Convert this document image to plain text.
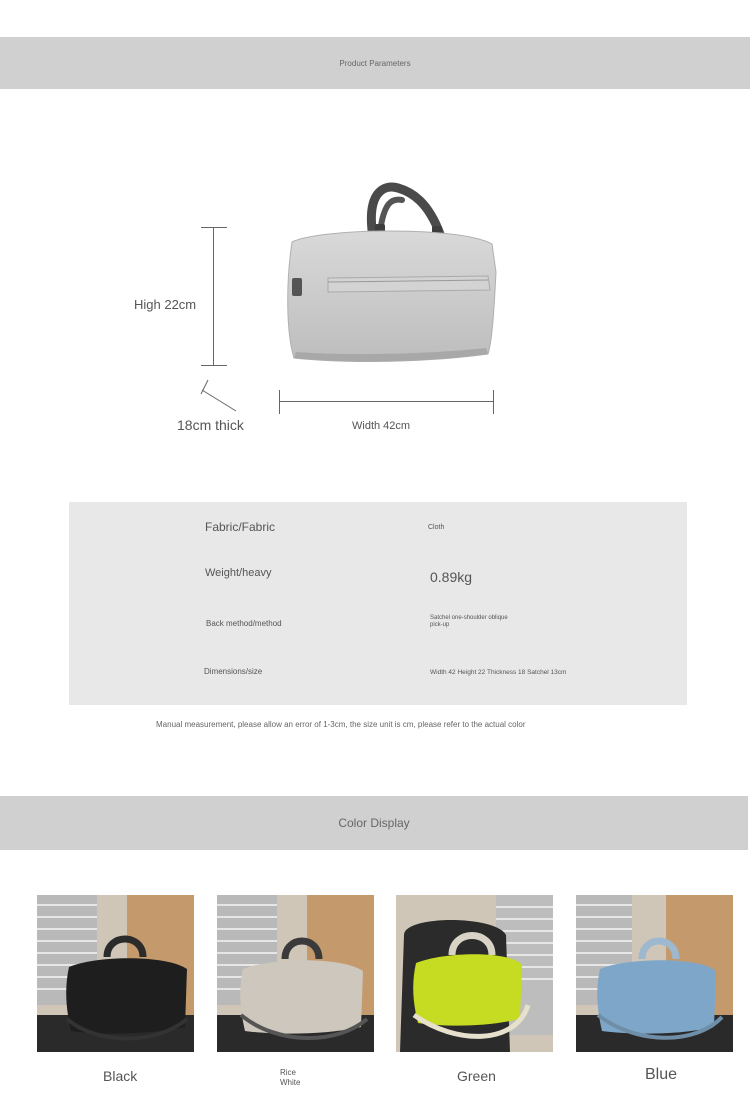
Product Parameters
High 22cm
18cm thick	Width 42cm
Fabric/Fabric	Cloth
Weight/heavy	0.89kg
Back method/method
Satchel one-shoulder oblique
pick-up
Dimensions/size	Width 42 Height 22 Thickness 18 Satchel 13cm
Manual measurement, please allow an error of 1-3cm, the size unit is cm, please refer to the actual color
Color Display
Black	Rice
White	Green	Blue
